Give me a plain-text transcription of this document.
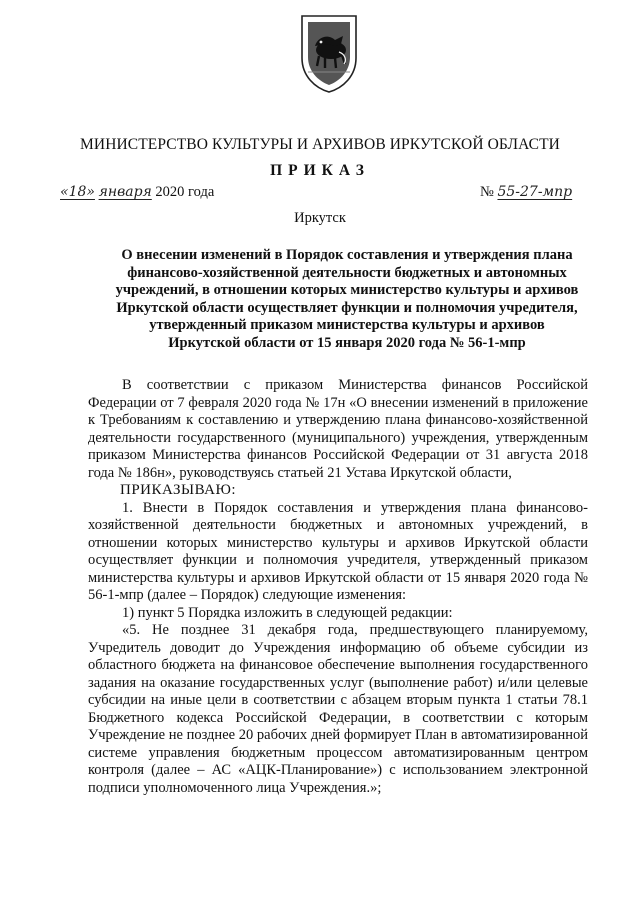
МИНИСТЕРСТВО КУЛЬТУРЫ И АРХИВОВ ИРКУТСКОЙ ОБЛАСТИ
ПРИКАЗ
«18» января 2020 года	№ 55-27-мпр
Иркутск
О внесении изменений в Порядок составления и утверждения плана финансово-хозяйственной деятельности бюджетных и автономных учреждений, в отношении которых министерство культуры и архивов Иркутской области осуществляет функции и полномочия учредителя, утвержденный приказом министерства культуры и архивов Иркутской области от 15 января 2020 года № 56-1-мпр

В соответствии с приказом Министерства финансов Российской Федерации от 7 февраля 2020 года № 17н «О внесении изменений в приложение к Требованиям к составлению и утверждению плана финансово-хозяйственной деятельности государственного (муниципального) учреждения, утвержденным приказом Министерства финансов Российской Федерации от 31 августа 2018 года № 186н», руководствуясь статьей 21 Устава Иркутской области,

ПРИКАЗЫВАЮ:

1. Внести в Порядок составления и утверждения плана финансово-хозяйственной деятельности бюджетных и автономных учреждений, в отношении которых министерство культуры и архивов Иркутской области осуществляет функции и полномочия учредителя, утвержденный приказом министерства культуры и архивов Иркутской области от 15 января 2020 года № 56-1-мпр (далее – Порядок) следующие изменения:

1) пункт 5 Порядка изложить в следующей редакции:

«5. Не позднее 31 декабря года, предшествующего планируемому, Учредитель доводит до Учреждения информацию об объеме субсидии из областного бюджета на финансовое обеспечение выполнения государственного задания на оказание государственных услуг (выполнение работ) и/или целевые субсидии на иные цели в соответствии с абзацем вторым пункта 1 статьи 78.1 Бюджетного кодекса Российской Федерации, в соответствии с которым Учреждение не позднее 20 рабочих дней формирует План в автоматизированной системе управления бюджетным процессом автоматизированным центром контроля (далее – АС «АЦК-Планирование») с использованием электронной подписи уполномоченного лица Учреждения.»;
